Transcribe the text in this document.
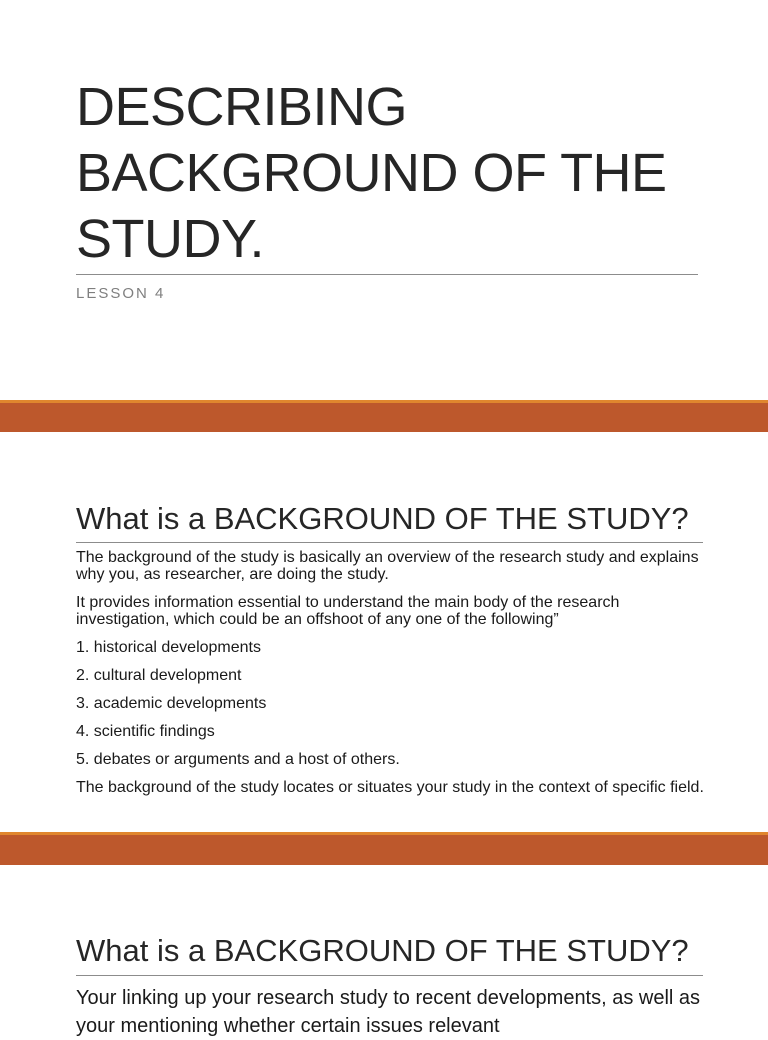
DESCRIBING BACKGROUND OF THE STUDY.
LESSON 4
What is a BACKGROUND OF THE STUDY?

The background of the study is basically an overview of the research study and explains why you, as researcher, are doing the study.

It provides information essential to understand the main body of the research investigation, which could be an offshoot of any one of the following”

1. historical developments
2. cultural development
3. academic developments
4. scientific findings
5. debates or arguments and a host of others.

The background of the study locates or situates your study in the context of specific field.

What is a BACKGROUND OF THE STUDY?

Your linking up your research study to recent developments, as well as your mentioning whether certain issues relevant
